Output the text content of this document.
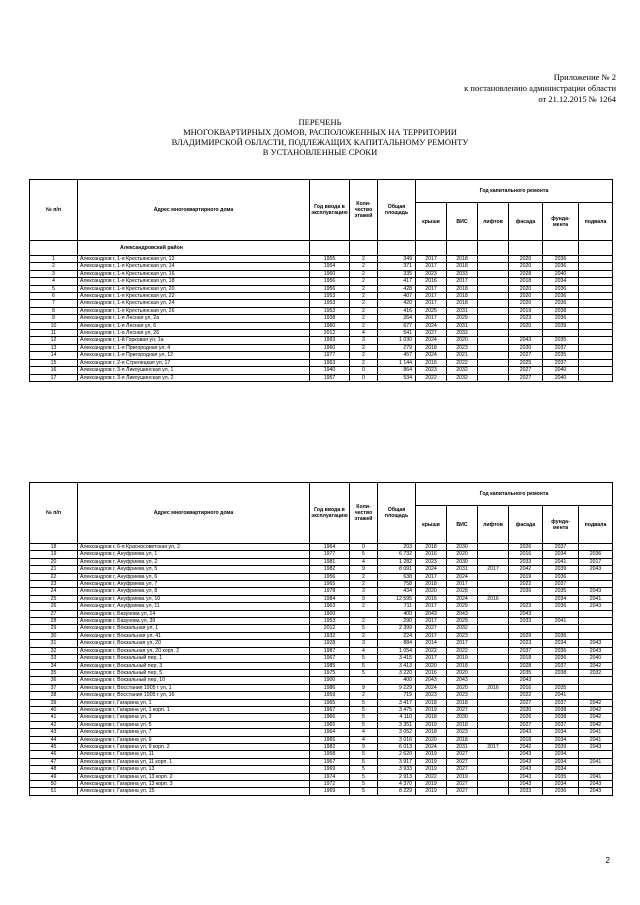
Приложение № 2
к постановлению администрации области
от 21.12.2015 № 1264
ПЕРЕЧЕНЬ
МНОГОКВАРТИРНЫХ ДОМОВ, РАСПОЛОЖЕННЫХ НА ТЕРРИТОРИИ
ВЛАДИМИРСКОЙ ОБЛАСТИ, ПОДЛЕЖАЩИХ КАПИТАЛЬНОМУ РЕМОНТУ
В УСТАНОВЛЕННЫЕ СРОКИ
№ п/п	Адрес многоквартирного дома	Год ввода в эксплуатацию	Коли-чество этажей	Общая площадь	Год капитального ремонта					
					крыши	ВИС	лифтов	фасада	фунда-мента	подвала
	Александровский район									
1	Александров г, 1-я Крестьянская ул, 12	1955	2	349	2017	2018		2020	2036	
2	Александров г, 1-я Крестьянская ул, 14	1954	2	371	2017	2018		2020	2036	
3	Александров г, 1-я Крестьянская ул, 16	1960	2	335	2023	2033		2028	2040	
4	Александров г, 1-я Крестьянская ул, 18	1956	2	417	2016	2017		2018	2034	
5	Александров г, 1-я Крестьянская ул, 20	1956	2	428	2017	2018		2020	2036	
6	Александров г, 1-я Крестьянская ул, 22	1953	2	407	2017	2018		2020	2036	
7	Александров г, 1-я Крестьянская ул, 24	1953	2	420	2017	2018		2020	2036	
8	Александров г, 1-я Крестьянская ул, 26	1953	2	416	2025	2031		2019	2038	
9	Александров г, 1-я Лесная ул, 2а	1938	2	264	2017	2029		2023	2036	
10	Александров г, 1-я Лесная ул, 6	1960	2	677	2024	2031		2020	2039	
11	Александров г, 1-я Лесная ул, 26	2012	4	541	2027	2032				
12	Александров г, 1-й Горковая ул, 1а	1993	3	1 030	2024	2020		2043	2035	
13	Александров г, 1-я Пригородная ул, 4	1960	2	279	2018	2023		2030	2037	
14	Александров г, 1-я Пригородная ул, 12	1977	2	457	2024	2021		2027	2035	
15	Александров г, 2-я Стрелецкая ул, 17	1963	2	1 144	2016	2022		2025	2037	
16	Александров г, 3-я Ликоушинская ул, 1	1940	0	864	2023	2032		2027	2040	
17	Александров г, 3-я Ликоушинская ул, 2	1957	0	534	2022	2032		2027	2040	
№ п/п	Адрес многоквартирного дома	Год ввода в эксплуатацию	Коли-чество этажей	Общая площадь	Год капитального ремонта					
					крыши	ВИС	лифтов	фасада	фунда-мента	подвала
18	Александров г, 6-я Красносоветская ул, 2	1964	0	203	2018	2030		2026	2037	
19	Александров г, Ануфриева ул, 1	1977	5	6 732	2016	2020		2016	2034	2036
20	Александров г, Ануфриева ул, 2	1981	4	1 282	2023	2030		2033	2041	2017
21	Александров г, Ануфриева ул, 5	1982	9	8 091	2024	2031	2017	2042	2039	2043
22	Александров г, Ануфриева ул, 6	1956	2	638	2017	2024		2019	2036	
23	Александров г, Ануфриева ул, 7	1965	2	758	2018	2017		2022	2037	
24	Александров г, Ануфриева ул, 8	1978	3	434	2020	2028		2036	2035	2043
25	Александров г, Ануфриева ул, 10	1984	9	12 595	2016	2024	2016		2034	2041
26	Александров г, Ануфриева ул, 11	1963	2	711	2017	2029		2023	2036	2043
27	Александров г, Базунова ул, 14	1900		400	2043	2043		2043		
28	Александров г, Базунова ул, 39	1953	2	290	2017	2029		2033	2041	
29	Александров г, Вокзальная ул, 1	2012	5	2 399	2027	2032				
30	Александров г, Вокзальная ул, 41	1932	2	224	2017	2023		2029	2036	
31	Александров г, Вокзальная ул, 20	1928	3	884	2014	2017		2023	2034	2043
32	Александров г, Вокзальная ул, 20 корп. 2	1987	4	1 054	2022	2022		2037	2036	2043
33	Александров г, Вокзальный пер, 1	1967	5	3 415	2017	2019		2018	2036	2040
34	Александров г, Вокзальный пер, 3	1985	5	3 413	2020	2018		2028	2037	2042
35	Александров г, Вокзальный пер, 5	1975	5	3 220	2016	2020		2035	2038	2032
36	Александров г, Вокзальный пер, 10	1900		400	2043	2043		2043		
37	Александров г, Восстания 1905 г ул, 1	1986	9	9 229	2024	2020	2016	2016	2035	
38	Александров г, Восстания 1905 г ул, 16	1959	2	719	2023	2023		2022	2041	
39	Александров г, Гагарина ул, 1	1965	5	3 417	2018	2018		2027	2037	2042
40	Александров г, Гагарина ул, 1 корп. 1	1967	5	3 475	2019	2027		2030	2038	2042
41	Александров г, Гагарина ул, 3	1966	5	4 110	2018	2030		2026	2038	2042
42	Александров г, Гагарина ул, 5	1965	5	3 351	2019	2018		2027	2037	2042
43	Александров г, Гагарина ул, 7	1964	4	3 052	2018	2023		2043	2034	2041
44	Александров г, Гагарина ул, 9	1965	4	3 016	2020	2018		2018	2034	2041
45	Александров г, Гагарина ул, 9 корп. 2	1982	9	6 013	2024	2031	2017	2042	2039	2043
46	Александров г, Гагарина ул, 11	1958	5	2 620	2019	2027		2043	2034	
47	Александров г, Гагарина ул, 11 корп. 1	1967	5	3 917	2019	2027		2043	2034	2041
48	Александров г, Гагарина ул, 13	1969	5	3 933	2019	2027		2043	2034	
49	Александров г, Гагарина ул, 13 корп. 2	1974	5	2 913	2022	2019		2043	2035	2041
50	Александров г, Гагарина ул, 13 корп. 3	1972	5	4 370	2019	2027		2043	2034	2043
51	Александров г, Гагарина ул, 15	1969	5	8 229	2019	2027		2033	2036	2043
2
